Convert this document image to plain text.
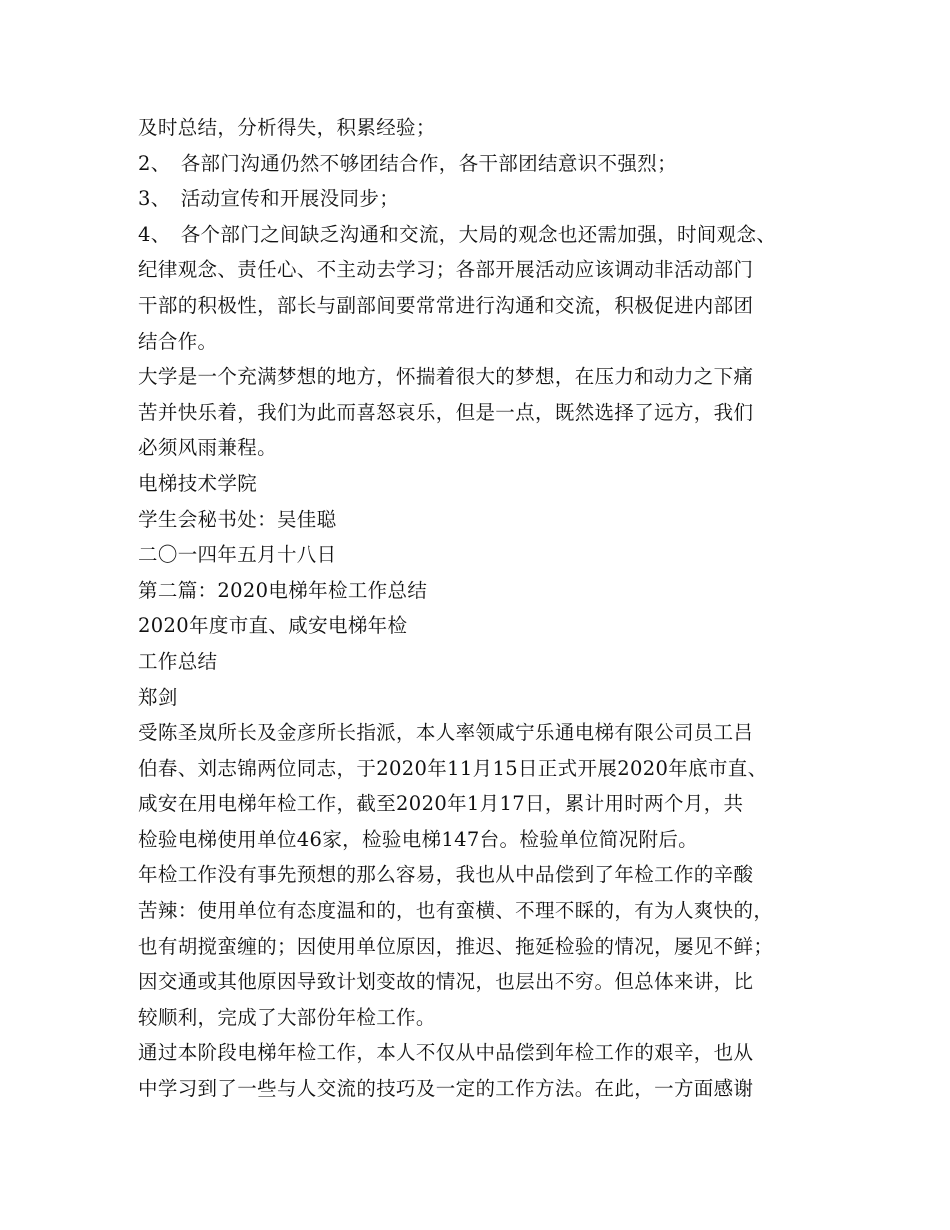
及时总结，分析得失，积累经验；
2、　各部门沟通仍然不够团结合作，各干部团结意识不强烈；
3、　活动宣传和开展没同步；
4、　各个部门之间缺乏沟通和交流，大局的观念也还需加强，时间观念、
纪律观念、责任心、不主动去学习；各部开展活动应该调动非活动部门
干部的积极性，部长与副部间要常常进行沟通和交流，积极促进内部团
结合作。
大学是一个充满梦想的地方，怀揣着很大的梦想，在压力和动力之下痛
苦并快乐着，我们为此而喜怒哀乐，但是一点，既然选择了远方，我们
必须风雨兼程。
电梯技术学院
学生会秘书处：吴佳聪
二〇一四年五月十八日
第二篇：2020电梯年检工作总结
2020年度市直、咸安电梯年检
工作总结
郑剑
受陈圣岚所长及金彦所长指派，本人率领咸宁乐通电梯有限公司员工吕
伯春、刘志锦两位同志，于2020年11月15日正式开展2020年底市直、
咸安在用电梯年检工作，截至2020年1月17日，累计用时两个月，共
检验电梯使用单位46家，检验电梯147台。检验单位简况附后。
年检工作没有事先预想的那么容易，我也从中品偿到了年检工作的辛酸
苦辣：使用单位有态度温和的，也有蛮横、不理不睬的，有为人爽快的，
也有胡搅蛮缠的；因使用单位原因，推迟、拖延检验的情况，屡见不鲜；
因交通或其他原因导致计划变故的情况，也层出不穷。但总体来讲，比
较顺利，完成了大部份年检工作。
通过本阶段电梯年检工作，本人不仅从中品偿到年检工作的艰辛，也从
中学习到了一些与人交流的技巧及一定的工作方法。在此，一方面感谢
